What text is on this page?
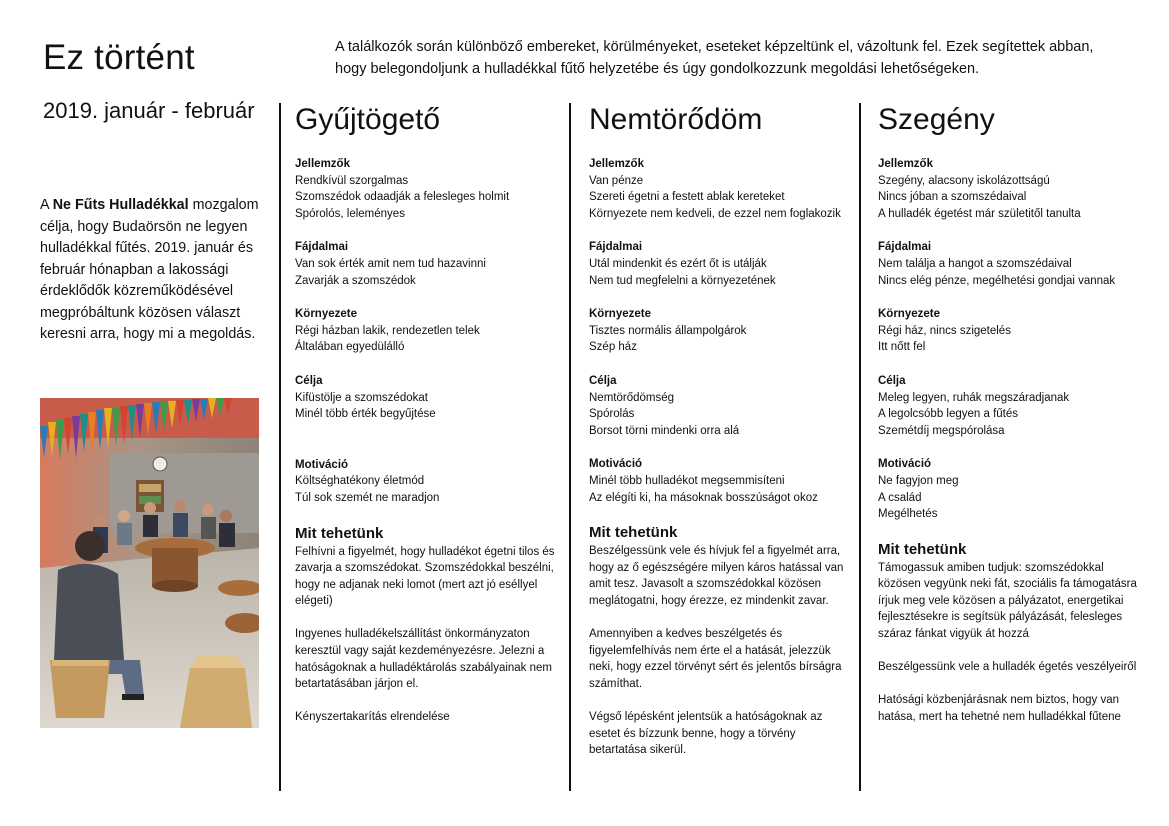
Ez történt
2019. január - február
A találkozók során különböző embereket, körülményeket, eseteket képzeltünk el, vázoltunk fel. Ezek segítettek abban, hogy belegondoljunk a hulladékkal fűtő helyzetébe és úgy gondolkozzunk megoldási lehetőségeken.
A Ne Fűts Hulladékkal mozgalom célja, hogy Budaörsön ne legyen hulladékkal fűtés. 2019. január és február hónapban a lakossági érdeklődők közreműködésével megpróbáltunk közösen választ keresni arra, hogy mi a megoldás.
Gyűjtögető
Jellemzők
Rendkívül szorgalmas
Szomszédok odaadják a felesleges holmit
Spórolós, leleményes
Fájdalmai
Van sok érték amit nem tud hazavinni
Zavarják a szomszédok
Környezete
Régi házban lakik, rendezetlen telek
Általában egyedülálló
Célja
Kifüstölje a szomszédokat
Minél több érték begyűjtése
Motiváció
Költséghatékony életmód
Túl sok szemét ne maradjon
Mit tehetünk
Felhívni a figyelmét, hogy hulladékot égetni tilos és zavarja a szomszédokat. Szomszédokkal beszélni, hogy ne adjanak neki lomot (mert azt jó eséllyel elégeti)
Ingyenes hulladékelszállítást önkormányzaton keresztül vagy saját kezdeményezésre. Jelezni a hatóságoknak a hulladéktárolás szabályainak nem betartatásában járjon el.
Kényszertakarítás elrendelése
Nemtörődöm
Jellemzők
Van pénze
Szereti égetni a festett ablak kereteket
Környezete nem kedveli, de ezzel nem foglakozik
Fájdalmai
Utál mindenkit és ezért őt is utálják
Nem tud megfelelni a környezetének
Környezete
Tisztes normális állampolgárok
Szép ház
Célja
Nemtörődömség
Spórolás
Borsot törni mindenki orra alá
Motiváció
Minél több hulladékot megsemmisíteni
Az elégíti ki, ha másoknak bosszúságot okoz
Mit tehetünk
Beszélgessünk vele és hívjuk fel a figyelmét arra, hogy az ő egészségére milyen káros hatással van amit tesz. Javasolt a szomszédokkal közösen meglátogatni, hogy érezze, ez mindenkit zavar.
Amennyiben a kedves beszélgetés és figyelemfelhívás nem érte el a hatását, jelezzük neki, hogy ezzel törvényt sért és jelentős bírságra számíthat.
Végső lépésként jelentsük a hatóságoknak az esetet és bízzunk benne, hogy a törvény betartatása sikerül.
Szegény
Jellemzők
Szegény, alacsony iskolázottságú
Nincs jóban a szomszédaival
A hulladék égetést már születitől tanulta
Fájdalmai
Nem találja a hangot a szomszédaival
Nincs elég pénze, megélhetési gondjai vannak
Környezete
Régi ház, nincs szigetelés
Itt nőtt fel
Célja
Meleg legyen, ruhák megszáradjanak
A legolcsóbb legyen a fűtés
Szemétdíj megspórolása
Motiváció
Ne fagyjon meg
A család
Megélhetés
Mit tehetünk
Támogassuk amiben tudjuk: szomszédokkal közösen vegyünk neki fát, szociális fa támogatásra írjuk meg vele közösen a pályázatot, energetikai fejlesztésekre is segítsük pályázását, felesleges száraz fánkat vigyük át hozzá
Beszélgessünk vele a hulladék égetés veszélyeiről
Hatósági közbenjárásnak nem biztos, hogy van hatása, mert ha tehetné nem hulladékkal fűtene
